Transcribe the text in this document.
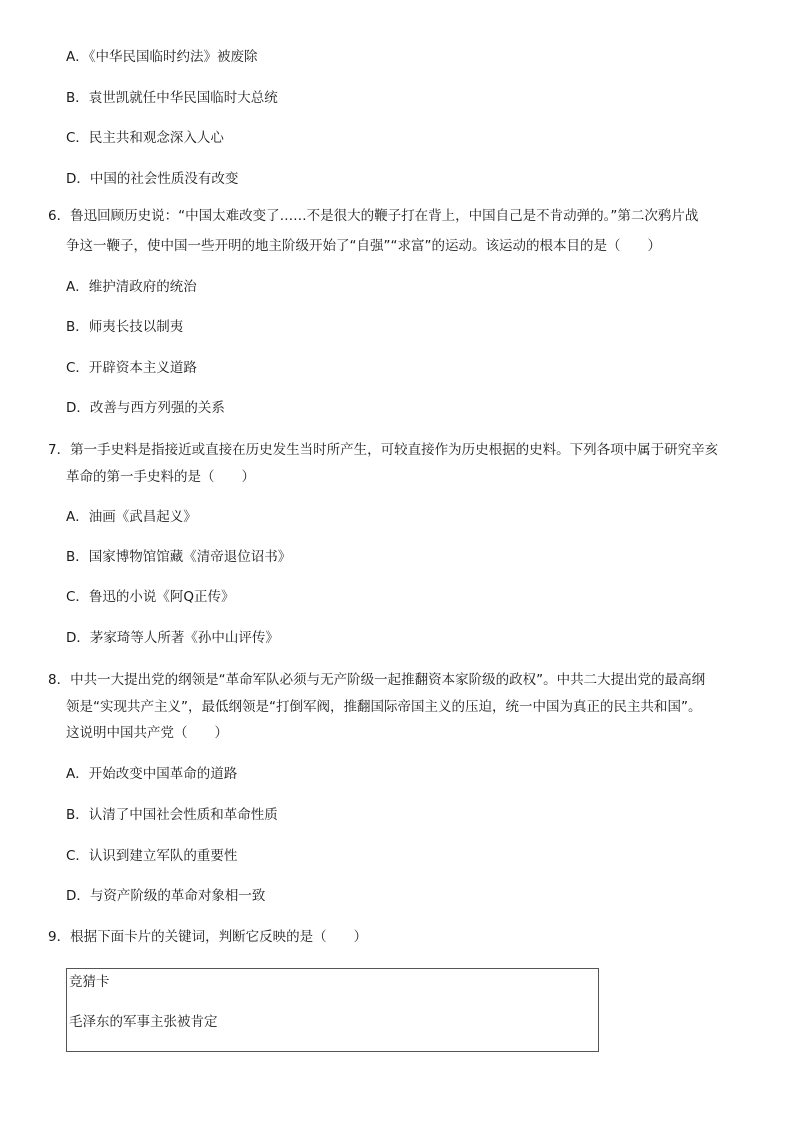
A．《中华民国临时约法》被废除
B．袁世凯就任中华民国临时大总统
C．民主共和观念深入人心
D．中国的社会性质没有改变
6．鲁迅回顾历史说：“中国太难改变了……不是很大的鞭子打在背上，中国自己是不肯动弹的。”第二次鸦片战
争这一鞭子，使中国一些开明的地主阶级开始了“自强”“求富”的运动。该运动的根本目的是（　　）
A．维护清政府的统治
B．师夷长技以制夷
C．开辟资本主义道路
D．改善与西方列强的关系
7．第一手史料是指接近或直接在历史发生当时所产生，可较直接作为历史根据的史料。下列各项中属于研究辛亥
革命的第一手史料的是（　　）
A．油画《武昌起义》
B．国家博物馆馆藏《清帝退位诏书》
C．鲁迅的小说《阿Q正传》
D．茅家琦等人所著《孙中山评传》
8．中共一大提出党的纲领是“革命军队必须与无产阶级一起推翻资本家阶级的政权”。中共二大提出党的最高纲
领是“实现共产主义”，最低纲领是“打倒军阀，推翻国际帝国主义的压迫，统一中国为真正的民主共和国”。
这说明中国共产党（　　）
A．开始改变中国革命的道路
B．认清了中国社会性质和革命性质
C．认识到建立军队的重要性
D．与资产阶级的革命对象相一致
9．根据下面卡片的关键词，判断它反映的是（　　）
竞猜卡
毛泽东的军事主张被肯定
